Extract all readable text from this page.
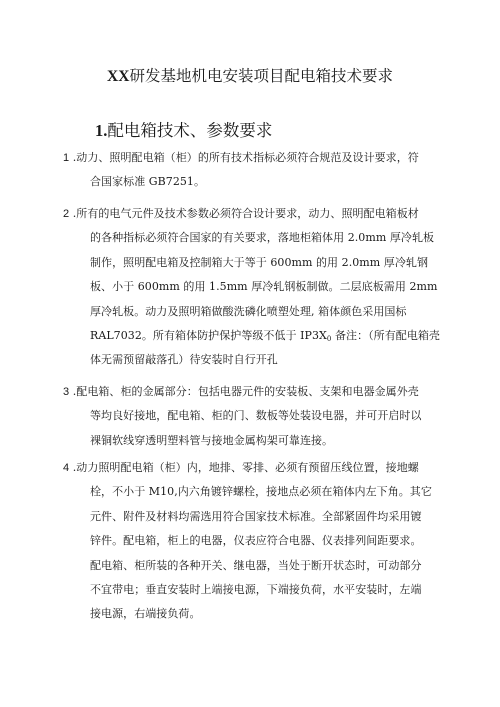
XX研发基地机电安装项目配电箱技术要求
1.配电箱技术、参数要求
1 .动力、照明配电箱（柜）的所有技术指标必须符合规范及设计要求，符
合国家标准 GB7251。
2 .所有的电气元件及技术参数必须符合设计要求，动力、照明配电箱板材
的各种指标必须符合国家的有关要求，落地柜箱体用 2.0mm 厚冷轧板
制作，照明配电箱及控制箱大于等于 600mm 的用 2.0mm 厚冷轧钢
板、小于 600mm 的用 1.5mm 厚冷轧钢板制做。二层底板需用 2mm
厚冷轧板。动力及照明箱做酸洗磷化喷塑处理, 箱体颜色采用国标
RAL7032。所有箱体防护保护等级不低于 $IP3X_0$ 备注：（所有配电箱壳
体无需预留敲落孔）待安装时自行开孔
3 .配电箱、柜的金属部分：包括电器元件的安装板、支架和电器金属外壳
等均良好接地，配电箱、柜的门、数板等处装设电器，并可开启时以
裸铜软线穿透明塑料管与接地金属构架可靠连接。
4 .动力照明配电箱（柜）内，地排、零排、必须有预留压线位置，接地螺
栓，不小于 M10,内六角镀锌螺栓，接地点必须在箱体内左下角。其它
元件、附件及材料均需选用符合国家技术标准。全部紧固件均采用镀
锌件。配电箱，柜上的电器，仪表应符合电器、仪表排列间距要求。
配电箱、柜所装的各种开关、继电器，当处于断开状态时，可动部分
不宜带电；垂直安装时上端接电源，下端接负荷，水平安装时，左端
接电源，右端接负荷。
